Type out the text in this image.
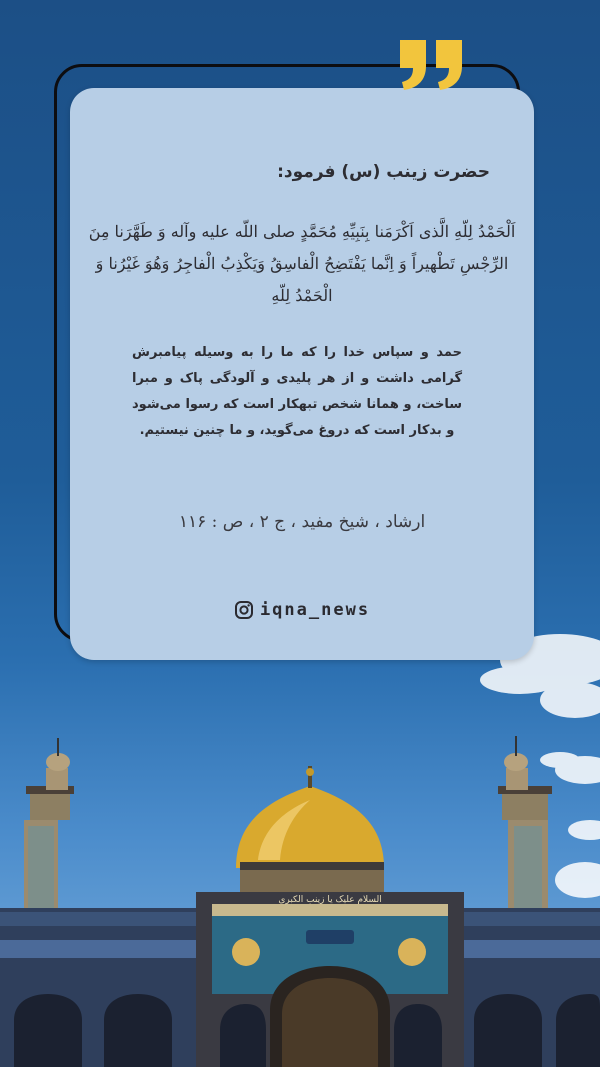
السلام علیک یا زینب الکبری
حضرت زینب (س) فرمود:
اَلْحَمْدُ لِلّهِ الَّذی اَکْرَمَنا بِنَبِیِّهِ مُحَمَّدٍ صلی اللّه علیه وآله وَ طَهَّرَنا مِنَ الرِّجْسِ تَطْهیراً وَ اِنَّما یَفْتَضِحُ الْفاسِقُ وَیَکْذِبُ الْفاجِرُ وَهُوَ غَیْرُنا وَ الْحَمْدُ لِلّهِ
حمد و سپاس خدا را که ما را به وسیله پیامبرش گرامی داشت و از هر پلیدی و آلودگی پاک و مبرا ساخت، و همانا شخص تبهکار است که رسوا می‌شود و بدکار است که دروغ می‌گوید، و ما چنین نیستیم.
ارشاد ، شیخ مفید ، ج ۲ ، ص : ۱۱۶
iqna_news
